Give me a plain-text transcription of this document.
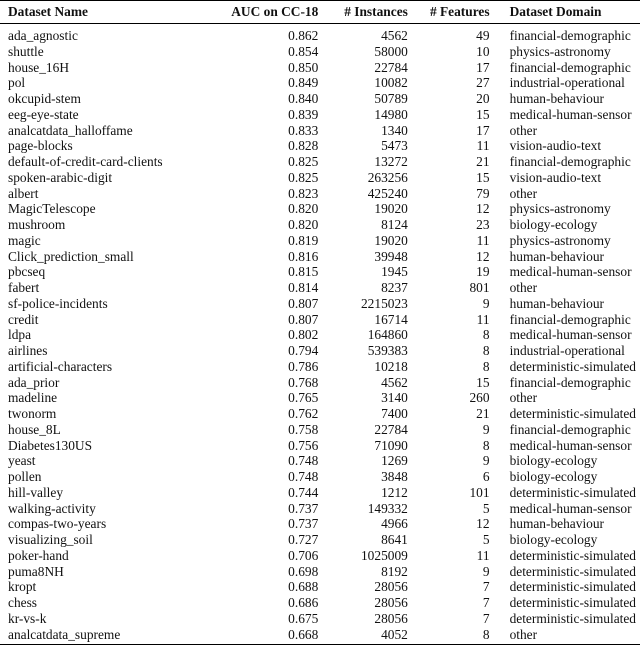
Dataset Name	AUC on CC-18	# Instances	# Features	Dataset Domain
ada_agnostic	0.862	4562	49	financial-demographic
shuttle	0.854	58000	10	physics-astronomy
house_16H	0.850	22784	17	financial-demographic
pol	0.849	10082	27	industrial-operational
okcupid-stem	0.840	50789	20	human-behaviour
eeg-eye-state	0.839	14980	15	medical-human-sensor
analcatdata_halloffame	0.833	1340	17	other
page-blocks	0.828	5473	11	vision-audio-text
default-of-credit-card-clients	0.825	13272	21	financial-demographic
spoken-arabic-digit	0.825	263256	15	vision-audio-text
albert	0.823	425240	79	other
MagicTelescope	0.820	19020	12	physics-astronomy
mushroom	0.820	8124	23	biology-ecology
magic	0.819	19020	11	physics-astronomy
Click_prediction_small	0.816	39948	12	human-behaviour
pbcseq	0.815	1945	19	medical-human-sensor
fabert	0.814	8237	801	other
sf-police-incidents	0.807	2215023	9	human-behaviour
credit	0.807	16714	11	financial-demographic
ldpa	0.802	164860	8	medical-human-sensor
airlines	0.794	539383	8	industrial-operational
artificial-characters	0.786	10218	8	deterministic-simulated
ada_prior	0.768	4562	15	financial-demographic
madeline	0.765	3140	260	other
twonorm	0.762	7400	21	deterministic-simulated
house_8L	0.758	22784	9	financial-demographic
Diabetes130US	0.756	71090	8	medical-human-sensor
yeast	0.748	1269	9	biology-ecology
pollen	0.748	3848	6	biology-ecology
hill-valley	0.744	1212	101	deterministic-simulated
walking-activity	0.737	149332	5	medical-human-sensor
compas-two-years	0.737	4966	12	human-behaviour
visualizing_soil	0.727	8641	5	biology-ecology
poker-hand	0.706	1025009	11	deterministic-simulated
puma8NH	0.698	8192	9	deterministic-simulated
kropt	0.688	28056	7	deterministic-simulated
chess	0.686	28056	7	deterministic-simulated
kr-vs-k	0.675	28056	7	deterministic-simulated
analcatdata_supreme	0.668	4052	8	other
